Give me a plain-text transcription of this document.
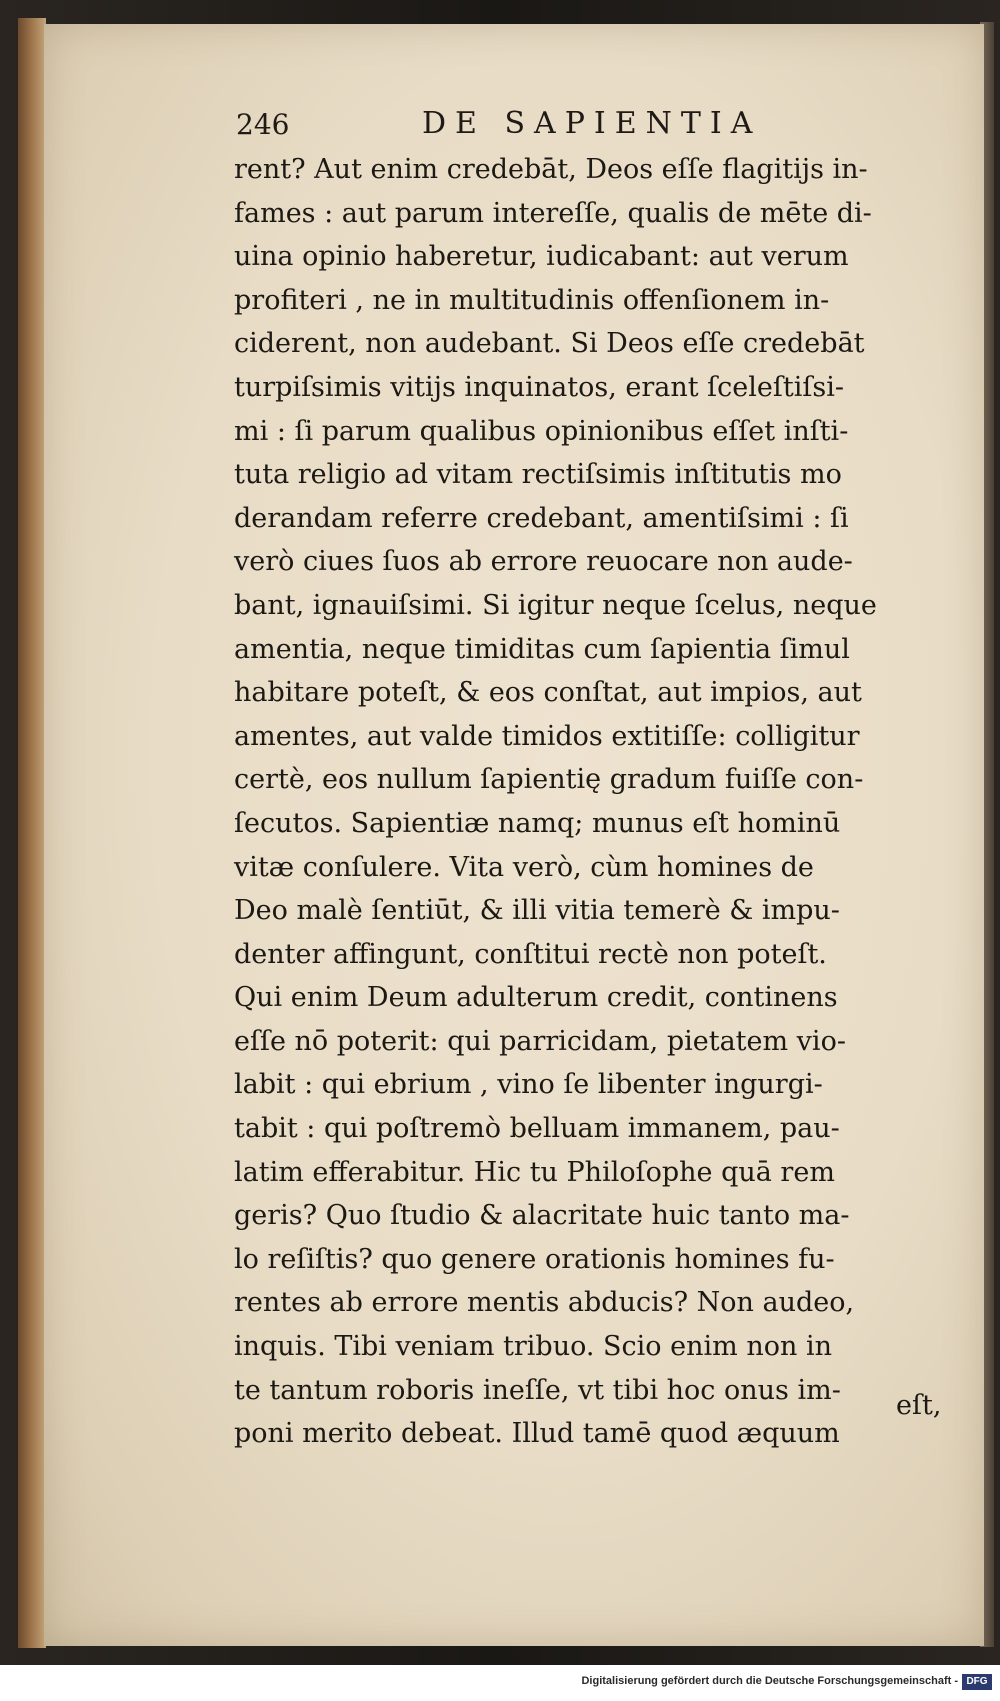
246	DE SAPIENTIA
rent? Aut enim credebāt, Deos eſſe flagitijs in-
fames : aut parum intereſſe, qualis de mēte di-
uina opinio haberetur, iudicabant: aut verum
profiteri , ne in multitudinis offenſionem in-
ciderent, non audebant. Si Deos eſſe credebāt
turpiſsimis vitijs inquinatos, erant ſceleſtiſsi-
mi : ſi parum qualibus opinionibus eſſet inſti-
tuta religio ad vitam rectiſsimis inſtitutis mo
derandam referre credebant, amentiſsimi : ſi
verò ciues ſuos ab errore reuocare non aude-
bant, ignauiſsimi. Si igitur neque ſcelus, neque
amentia, neque timiditas cum ſapientia ſimul
habitare poteſt, & eos conſtat, aut impios, aut
amentes, aut valde timidos extitiſſe: colligitur
certè, eos nullum ſapientię gradum fuiſſe con-
ſecutos. Sapientiæ namq; munus eſt hominū
vitæ conſulere. Vita verò, cùm homines de
Deo malè ſentiūt, & illi vitia temerè & impu-
denter affingunt, conſtitui rectè non poteſt.
Qui enim Deum adulterum credit, continens
eſſe nō poterit: qui parricidam, pietatem vio-
labit : qui ebrium , vino ſe libenter ingurgi-
tabit : qui poſtremò belluam immanem, pau-
latim efferabitur. Hic tu Philoſophe quā rem
geris? Quo ſtudio & alacritate huic tanto ma-
lo reſiſtis? quo genere orationis homines fu-
rentes ab errore mentis abducis? Non audeo,
inquis. Tibi veniam tribuo. Scio enim non in
te tantum roboris ineſſe, vt tibi hoc onus im-
poni merito debeat. Illud tamē quod æquum
eſt,
Digitalisierung gefördert durch die Deutsche Forschungsgemeinschaft - DFG
